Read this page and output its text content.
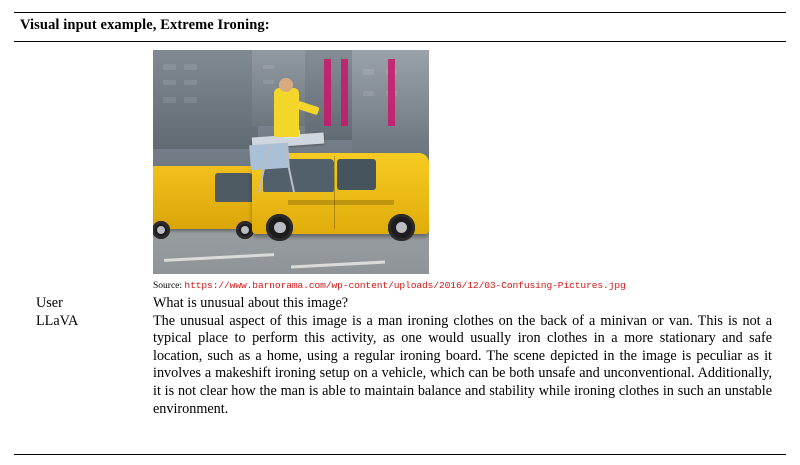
Visual input example, Extreme Ironing:
Source: https://www.barnorama.com/wp-content/uploads/2016/12/03-Confusing-Pictures.jpg
User	What is unusual about this image?
LLaVA	The unusual aspect of this image is a man ironing clothes on the back of a minivan or van. This is not a typical place to perform this activity, as one would usually iron clothes in a more stationary and safe location, such as a home, using a regular ironing board. The scene depicted in the image is peculiar as it involves a makeshift ironing setup on a vehicle, which can be both unsafe and unconventional. Additionally, it is not clear how the man is able to maintain balance and stability while ironing clothes in such an unstable environment.
